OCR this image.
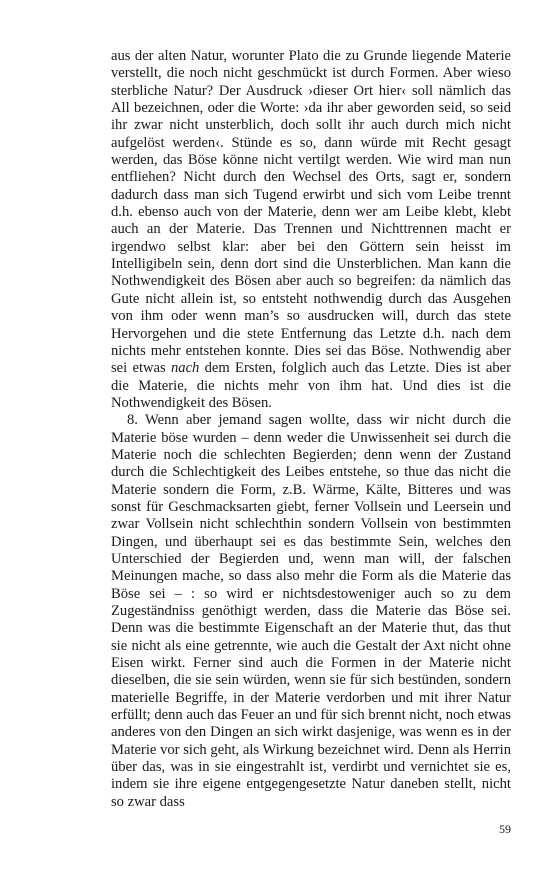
aus der alten Natur, worunter Plato die zu Grunde liegende Materie verstellt, die noch nicht geschmückt ist durch Formen. Aber wieso sterbliche Natur? Der Ausdruck ›dieser Ort hier‹ soll nämlich das All bezeichnen, oder die Worte: ›da ihr aber geworden seid, so seid ihr zwar nicht unsterblich, doch sollt ihr auch durch mich nicht aufgelöst werden‹. Stünde es so, dann würde mit Recht gesagt werden, das Böse könne nicht vertilgt werden. Wie wird man nun entfliehen? Nicht durch den Wechsel des Orts, sagt er, sondern dadurch dass man sich Tugend erwirbt und sich vom Leibe trennt d.h. ebenso auch von der Materie, denn wer am Leibe klebt, klebt auch an der Materie. Das Trennen und Nichttrennen macht er irgendwo selbst klar: aber bei den Göttern sein heisst im Intelligibeln sein, denn dort sind die Unsterblichen. Man kann die Nothwendigkeit des Bösen aber auch so begreifen: da nämlich das Gute nicht allein ist, so entsteht nothwendig durch das Ausgehen von ihm oder wenn man’s so ausdrucken will, durch das stete Hervorgehen und die stete Entfernung das Letzte d.h. nach dem nichts mehr entstehen konnte. Dies sei das Böse. Nothwendig aber sei etwas nach dem Ersten, folglich auch das Letzte. Dies ist aber die Materie, die nichts mehr von ihm hat. Und dies ist die Nothwendigkeit des Bösen.

8. Wenn aber jemand sagen wollte, dass wir nicht durch die Materie böse wurden – denn weder die Unwissenheit sei durch die Materie noch die schlechten Begierden; denn wenn der Zustand durch die Schlechtigkeit des Leibes entstehe, so thue das nicht die Materie sondern die Form, z.B. Wärme, Kälte, Bitteres und was sonst für Geschmacksarten giebt, ferner Vollsein und Leersein und zwar Vollsein nicht schlechthin sondern Vollsein von bestimmten Dingen, und überhaupt sei es das bestimmte Sein, welches den Unterschied der Begierden und, wenn man will, der falschen Meinungen mache, so dass also mehr die Form als die Materie das Böse sei – : so wird er nichtsdestoweniger auch so zu dem Zugeständniss genöthigt werden, dass die Materie das Böse sei. Denn was die bestimmte Eigenschaft an der Materie thut, das thut sie nicht als eine getrennte, wie auch die Gestalt der Axt nicht ohne Eisen wirkt. Ferner sind auch die Formen in der Materie nicht dieselben, die sie sein würden, wenn sie für sich bestünden, sondern materielle Begriffe, in der Materie verdorben und mit ihrer Natur erfüllt; denn auch das Feuer an und für sich brennt nicht, noch etwas anderes von den Dingen an sich wirkt dasjenige, was wenn es in der Materie vor sich geht, als Wirkung bezeichnet wird. Denn als Herrin über das, was in sie eingestrahlt ist, verdirbt und vernichtet sie es, indem sie ihre eigene entgegengesetzte Natur daneben stellt, nicht so zwar dass

59
